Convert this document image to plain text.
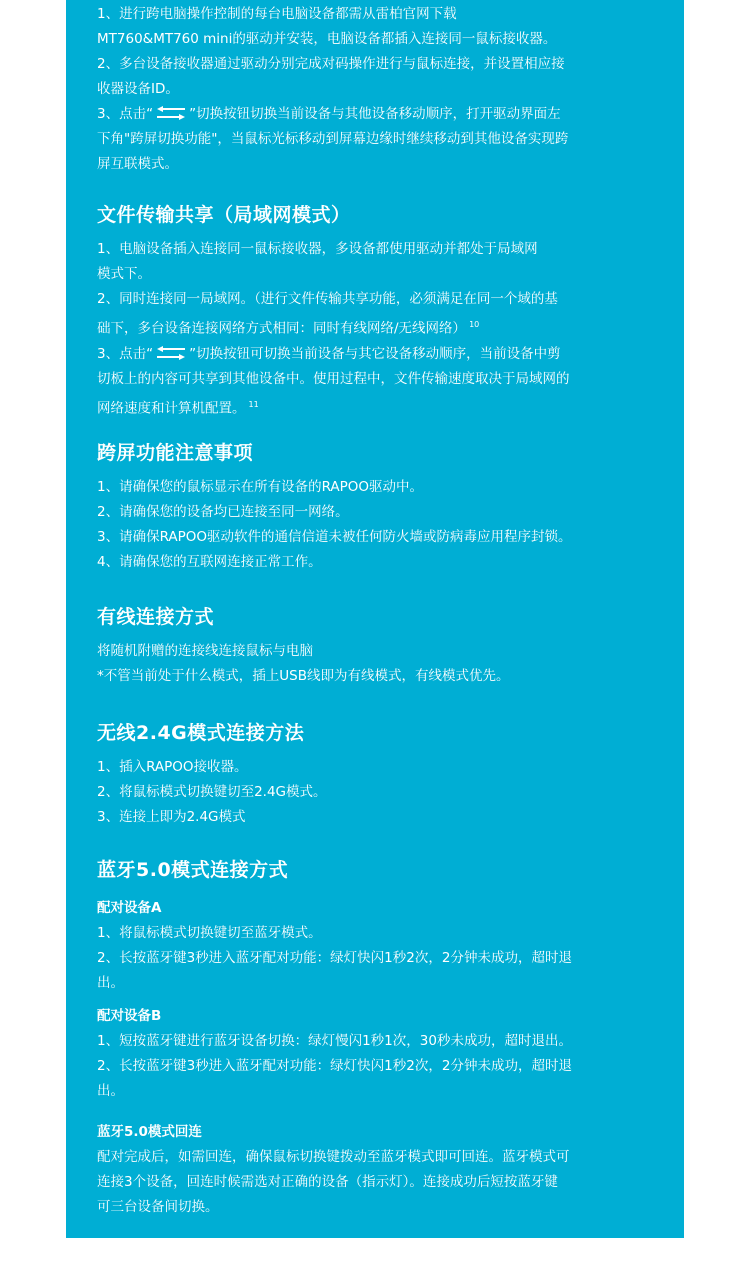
1、进行跨电脑操作控制的每台电脑设备都需从雷柏官网下载

MT760&MT760 mini的驱动并安装，电脑设备都插入连接同一鼠标接收器。

2、多台设备接收器通过驱动分别完成对码操作进行与鼠标连接，并设置相应接

收器设备ID。

3、点击“	”切换按钮切换当前设备与其他设备移动顺序，打开驱动界面左

下角"跨屏切换功能"，当鼠标光标移动到屏幕边缘时继续移动到其他设备实现跨

屏互联模式。

文件传输共享（局域网模式）

1、电脑设备插入连接同一鼠标接收器，多设备都使用驱动并都处于局域网

模式下。

2、同时连接同一局域网。（进行文件传输共享功能，必须满足在同一个域的基

础下，多台设备连接网络方式相同：同时有线网络/无线网络） $^{10}$

3、点击“	”切换按钮可切换当前设备与其它设备移动顺序，当前设备中剪

切板上的内容可共享到其他设备中。使用过程中，文件传输速度取决于局域网的

网络速度和计算机配置。 $^{11}$

跨屏功能注意事项

1、请确保您的鼠标显示在所有设备的RAPOO驱动中。

2、请确保您的设备均已连接至同一网络。

3、请确保RAPOO驱动软件的通信信道未被任何防火墙或防病毒应用程序封锁。

4、请确保您的互联网连接正常工作。

有线连接方式

将随机附赠的连接线连接鼠标与电脑

*不管当前处于什么模式，插上USB线即为有线模式，有线模式优先。

无线2.4G模式连接方法

1、插入RAPOO接收器。

2、将鼠标模式切换键切至2.4G模式。

3、连接上即为2.4G模式

蓝牙5.0模式连接方式

配对设备A

1、将鼠标模式切换键切至蓝牙模式。

2、长按蓝牙键3秒进入蓝牙配对功能：绿灯快闪1秒2次，2分钟未成功，超时退

出。

配对设备B

1、短按蓝牙键进行蓝牙设备切换：绿灯慢闪1秒1次，30秒未成功，超时退出。

2、长按蓝牙键3秒进入蓝牙配对功能：绿灯快闪1秒2次，2分钟未成功，超时退

出。

蓝牙5.0模式回连

配对完成后，如需回连，确保鼠标切换键拨动至蓝牙模式即可回连。蓝牙模式可

连接3个设备，回连时候需选对正确的设备（指示灯）。连接成功后短按蓝牙键

可三台设备间切换。
